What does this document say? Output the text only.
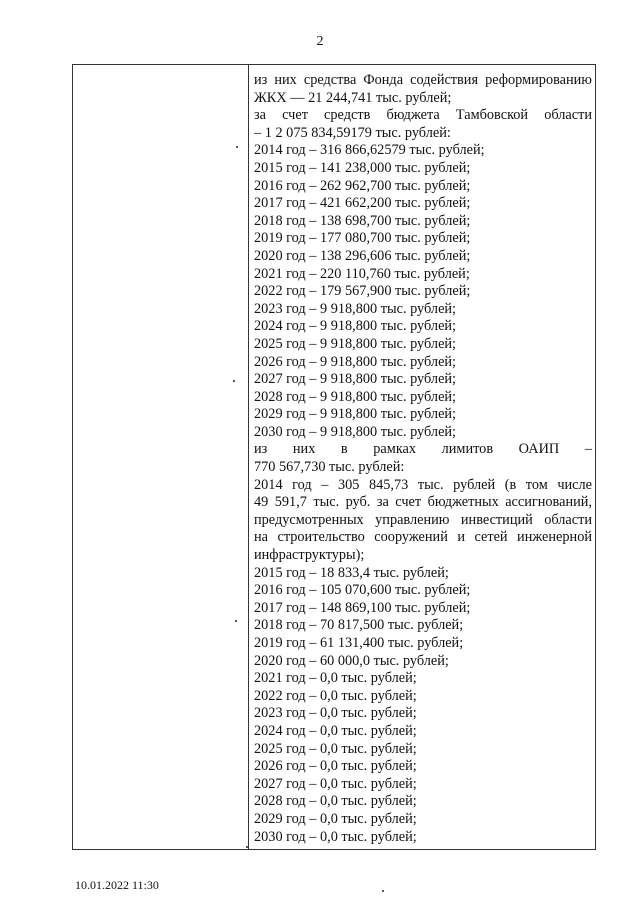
2
из них средства Фонда содействия реформированию
ЖКХ — 21 244,741 тыс. рублей;
за счет средств бюджета Тамбовской области
– 1 2 075 834,59179 тыс. рублей:
2014 год – 316 866,62579 тыс. рублей;
2015 год – 141 238,000 тыс. рублей;
2016 год – 262 962,700 тыс. рублей;
2017 год – 421 662,200 тыс. рублей;
2018 год – 138 698,700 тыс. рублей;
2019 год – 177 080,700 тыс. рублей;
2020 год – 138 296,606 тыс. рублей;
2021 год – 220 110,760 тыс. рублей;
2022 год – 179 567,900 тыс. рублей;
2023 год – 9 918,800 тыс. рублей;
2024 год – 9 918,800 тыс. рублей;
2025 год – 9 918,800 тыс. рублей;
2026 год – 9 918,800 тыс. рублей;
2027 год – 9 918,800 тыс. рублей;
2028 год – 9 918,800 тыс. рублей;
2029 год – 9 918,800 тыс. рублей;
2030 год – 9 918,800 тыс. рублей;
из них в рамках лимитов ОАИП –
770 567,730 тыс. рублей:
2014 год – 305 845,73 тыс. рублей (в том числе
49 591,7 тыс. руб. за счет бюджетных ассигнований,
предусмотренных управлению инвестиций области
на строительство сооружений и сетей инженерной
инфраструктуры);
2015 год – 18 833,4 тыс. рублей;
2016 год – 105 070,600 тыс. рублей;
2017 год – 148 869,100 тыс. рублей;
2018 год – 70 817,500 тыс. рублей;
2019 год – 61 131,400 тыс. рублей;
2020 год – 60 000,0 тыс. рублей;
2021 год – 0,0 тыс. рублей;
2022 год – 0,0 тыс. рублей;
2023 год – 0,0 тыс. рублей;
2024 год – 0,0 тыс. рублей;
2025 год – 0,0 тыс. рублей;
2026 год – 0,0 тыс. рублей;
2027 год – 0,0 тыс. рублей;
2028 год – 0,0 тыс. рублей;
2029 год – 0,0 тыс. рублей;
2030 год – 0,0 тыс. рублей;
10.01.2022 11:30
